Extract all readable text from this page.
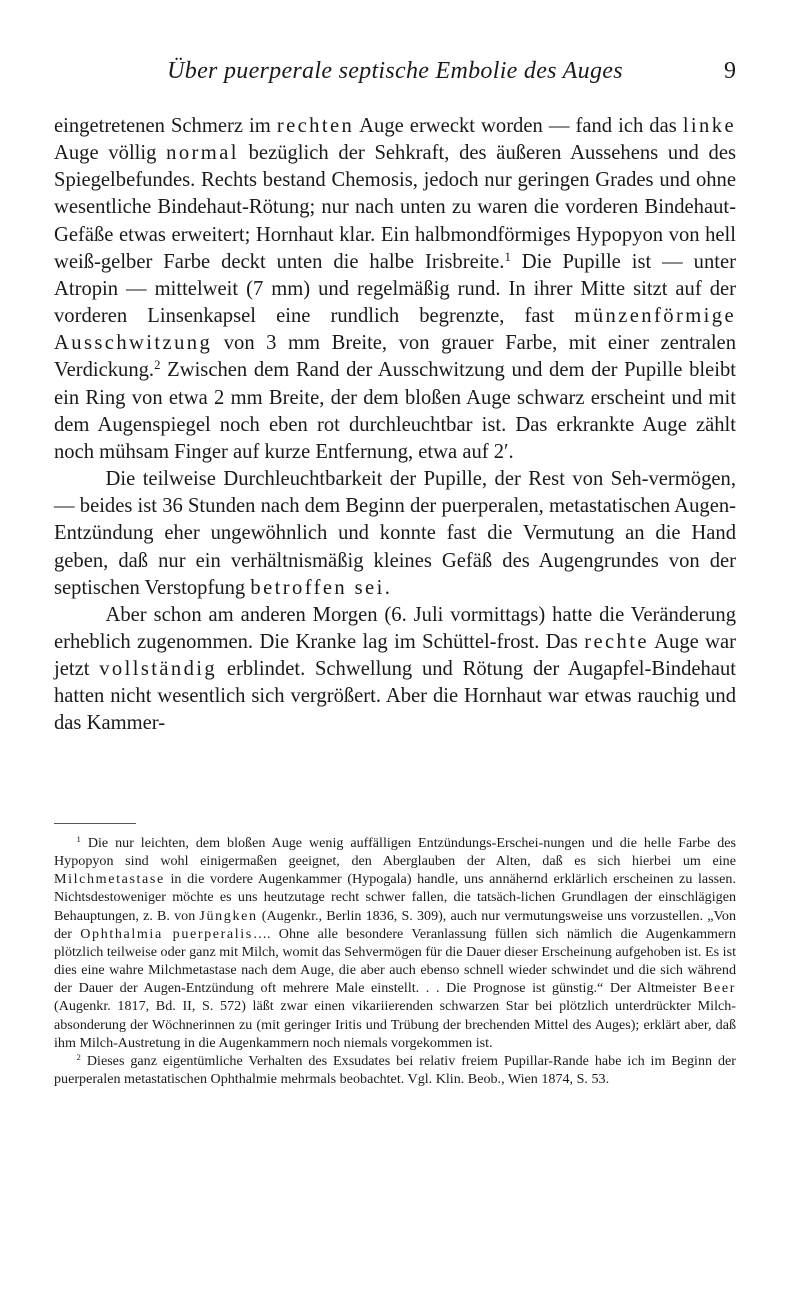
Über puerperale septische Embolie des Auges	9

eingetretenen Schmerz im rechten Auge erweckt worden — fand ich das linke Auge völlig normal bezüglich der Sehkraft, des äußeren Aussehens und des Spiegelbefundes. Rechts bestand Chemosis, jedoch nur geringen Grades und ohne wesentliche Bindehaut-Rötung; nur nach unten zu waren die vorderen Bindehaut-Gefäße etwas erweitert; Hornhaut klar. Ein halbmondförmiges Hypopyon von hell weiß-gelber Farbe deckt unten die halbe Irisbreite.$^1$ Die Pupille ist — unter Atropin — mittelweit (7 mm) und regelmäßig rund. In ihrer Mitte sitzt auf der vorderen Linsenkapsel eine rundlich begrenzte, fast münzenförmige Ausschwitzung von 3 mm Breite, von grauer Farbe, mit einer zentralen Verdickung.$^2$ Zwischen dem Rand der Ausschwitzung und dem der Pupille bleibt ein Ring von etwa 2 mm Breite, der dem bloßen Auge schwarz erscheint und mit dem Augenspiegel noch eben rot durchleuchtbar ist. Das erkrankte Auge zählt noch mühsam Finger auf kurze Entfernung, etwa auf 2′.

Die teilweise Durchleuchtbarkeit der Pupille, der Rest von Seh-vermögen, — beides ist 36 Stunden nach dem Beginn der puerperalen, metastatischen Augen-Entzündung eher ungewöhnlich und konnte fast die Vermutung an die Hand geben, daß nur ein verhältnismäßig kleines Gefäß des Augengrundes von der septischen Verstopfung betroffen sei.

Aber schon am anderen Morgen (6. Juli vormittags) hatte die Veränderung erheblich zugenommen. Die Kranke lag im Schüttel-frost. Das rechte Auge war jetzt vollständig erblindet. Schwellung und Rötung der Augapfel-Bindehaut hatten nicht wesentlich sich vergrößert. Aber die Hornhaut war etwas rauchig und das Kammer-

$^1$ Die nur leichten, dem bloßen Auge wenig auffälligen Entzündungs-Erschei-nungen und die helle Farbe des Hypopyon sind wohl einigermaßen geeignet, den Aberglauben der Alten, daß es sich hierbei um eine Milchmetastase in die vordere Augenkammer (Hypogala) handle, uns annähernd erklärlich erscheinen zu lassen. Nichtsdestoweniger möchte es uns heutzutage recht schwer fallen, die tatsäch-lichen Grundlagen der einschlägigen Behauptungen, z. B. von Jüngken (Augenkr., Berlin 1836, S. 309), auch nur vermutungsweise uns vorzustellen. „Von der Ophthalmia puerperalis…. Ohne alle besondere Veranlassung füllen sich nämlich die Augenkammern plötzlich teilweise oder ganz mit Milch, womit das Sehvermögen für die Dauer dieser Erscheinung aufgehoben ist. Es ist dies eine wahre Milchmetastase nach dem Auge, die aber auch ebenso schnell wieder schwindet und die sich während der Dauer der Augen-Entzündung oft mehrere Male einstellt. . . Die Prognose ist günstig.“ Der Altmeister Beer (Augenkr. 1817, Bd. II, S. 572) läßt zwar einen vikariierenden schwarzen Star bei plötzlich unterdrückter Milch-absonderung der Wöchnerinnen zu (mit geringer Iritis und Trübung der brechenden Mittel des Auges); erklärt aber, daß ihm Milch-Austretung in die Augenkammern noch niemals vorgekommen ist.

$^2$ Dieses ganz eigentümliche Verhalten des Exsudates bei relativ freiem Pupillar-Rande habe ich im Beginn der puerperalen metastatischen Ophthalmie mehrmals beobachtet. Vgl. Klin. Beob., Wien 1874, S. 53.
